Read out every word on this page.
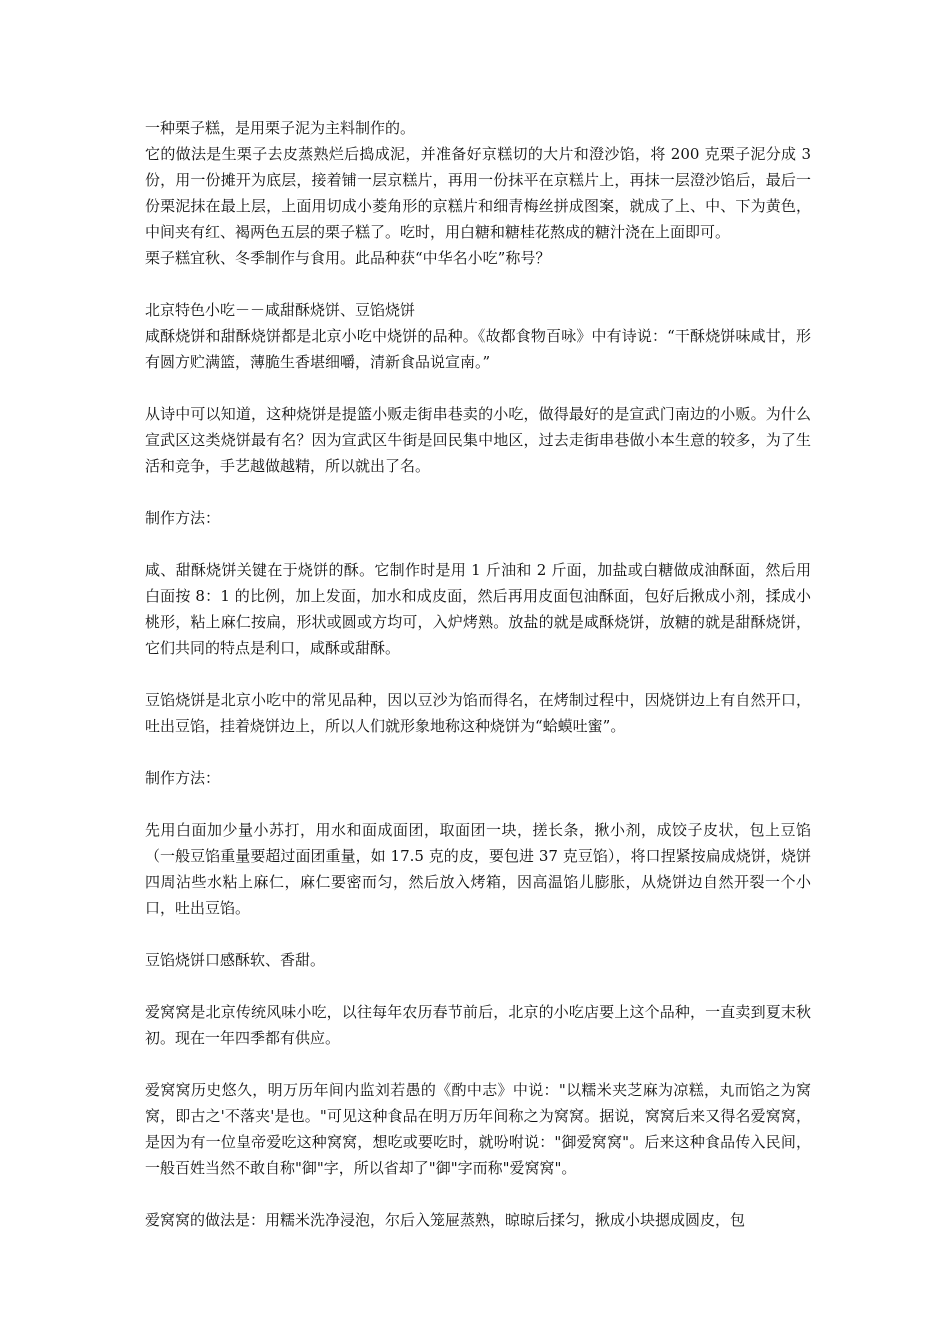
一种栗子糕，是用栗子泥为主料制作的。

它的做法是生栗子去皮蒸熟烂后捣成泥，并准备好京糕切的大片和澄沙馅，将 200 克栗子泥分成 3 份，用一份摊开为底层，接着铺一层京糕片，再用一份抹平在京糕片上，再抹一层澄沙馅后，最后一份栗泥抹在最上层，上面用切成小菱角形的京糕片和细青梅丝拼成图案，就成了上、中、下为黄色，中间夹有红、褐两色五层的栗子糕了。吃时，用白糖和糖桂花熬成的糖汁浇在上面即可。

栗子糕宜秋、冬季制作与食用。此品种获“中华名小吃”称号？

北京特色小吃－－咸甜酥烧饼、豆馅烧饼

咸酥烧饼和甜酥烧饼都是北京小吃中烧饼的品种。《故都食物百咏》中有诗说：“干酥烧饼味咸甘，形有圆方贮满篮，薄脆生香堪细嚼，清新食品说宣南。”

从诗中可以知道，这种烧饼是提篮小贩走街串巷卖的小吃，做得最好的是宣武门南边的小贩。为什么宣武区这类烧饼最有名？因为宣武区牛街是回民集中地区，过去走街串巷做小本生意的较多，为了生活和竞争，手艺越做越精，所以就出了名。

制作方法：

咸、甜酥烧饼关键在于烧饼的酥。它制作时是用 1 斤油和 2 斤面，加盐或白糖做成油酥面，然后用白面按 8：1 的比例，加上发面，加水和成皮面，然后再用皮面包油酥面，包好后揪成小剂，揉成小桃形，粘上麻仁按扁，形状或圆或方均可，入炉烤熟。放盐的就是咸酥烧饼，放糖的就是甜酥烧饼，它们共同的特点是利口，咸酥或甜酥。

豆馅烧饼是北京小吃中的常见品种，因以豆沙为馅而得名，在烤制过程中，因烧饼边上有自然开口，吐出豆馅，挂着烧饼边上，所以人们就形象地称这种烧饼为“蛤蟆吐蜜”。

制作方法：

先用白面加少量小苏打，用水和面成面团，取面团一块，搓长条，揪小剂，成饺子皮状，包上豆馅（一般豆馅重量要超过面团重量，如 17.5 克的皮，要包进 37 克豆馅），将口捏紧按扁成烧饼，烧饼四周沾些水粘上麻仁，麻仁要密而匀，然后放入烤箱，因高温馅儿膨胀，从烧饼边自然开裂一个小口，吐出豆馅。

豆馅烧饼口感酥软、香甜。

爱窝窝是北京传统风味小吃，以往每年农历春节前后，北京的小吃店要上这个品种，一直卖到夏末秋初。现在一年四季都有供应。

爱窝窝历史悠久，明万历年间内监刘若愚的《酌中志》中说："以糯米夹芝麻为凉糕，丸而馅之为窝窝，即古之'不落夹'是也。"可见这种食品在明万历年间称之为窝窝。据说，窝窝后来又得名爱窝窝，是因为有一位皇帝爱吃这种窝窝，想吃或要吃时，就吩咐说："御爱窝窝"。后来这种食品传入民间，一般百姓当然不敢自称"御"字，所以省却了"御"字而称"爱窝窝"。

爱窝窝的做法是：用糯米洗净浸泡，尔后入笼屉蒸熟，晾晾后揉匀，揪成小块摁成圆皮，包
